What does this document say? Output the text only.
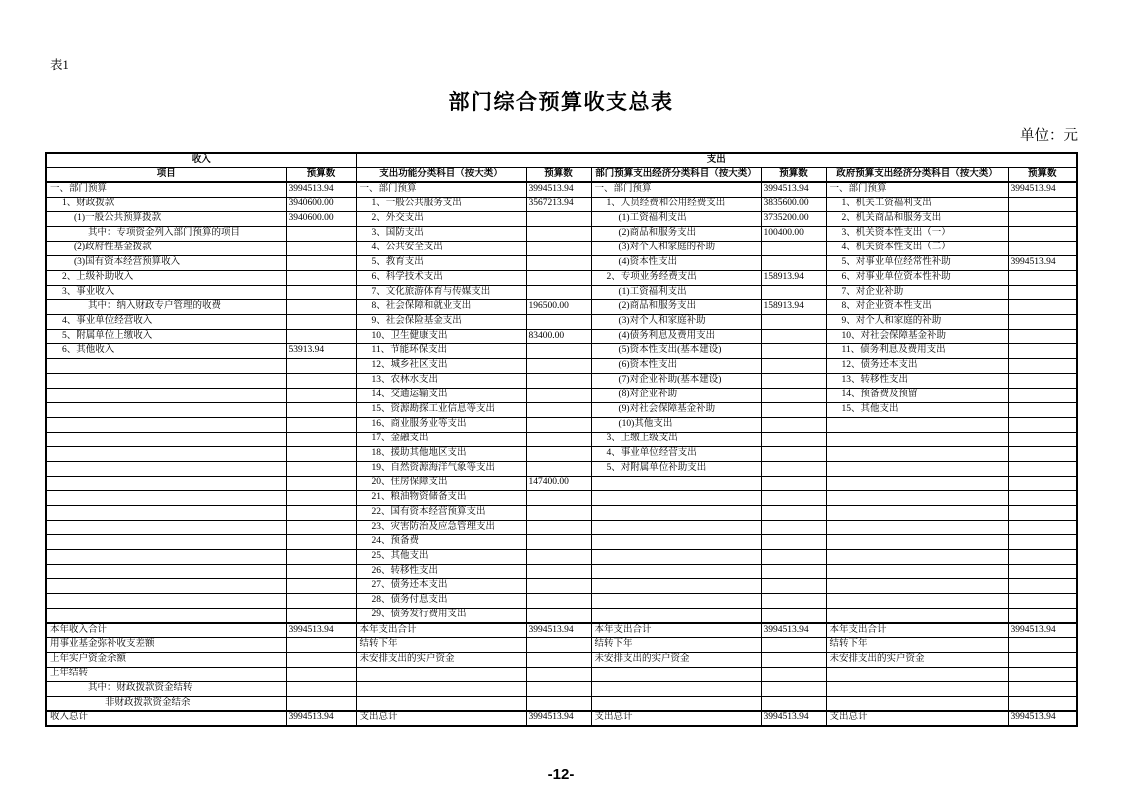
表1
部门综合预算收支总表
单位：元
收入		支出					
项目	预算数	支出功能分类科目（按大类）	预算数	部门预算支出经济分类科目（按大类）	预算数	政府预算支出经济分类科目（按大类）	预算数
一、部门预算	3994513.94	一、部门预算	3994513.94	一、部门预算	3994513.94	一、部门预算	3994513.94
1、财政拨款	3940600.00	1、一般公共服务支出	3567213.94	1、人员经费和公用经费支出	3835600.00	1、机关工资福利支出	
(1)一般公共预算拨款	3940600.00	2、外交支出		(1)工资福利支出	3735200.00	2、机关商品和服务支出	
其中：专项资金列入部门预算的项目		3、国防支出		(2)商品和服务支出	100400.00	3、机关资本性支出（一）	
(2)政府性基金拨款		4、公共安全支出		(3)对个人和家庭的补助		4、机关资本性支出（二）	
(3)国有资本经营预算收入		5、教育支出		(4)资本性支出		5、对事业单位经常性补助	3994513.94
2、上级补助收入		6、科学技术支出		2、专项业务经费支出	158913.94	6、对事业单位资本性补助	
3、事业收入		7、文化旅游体育与传媒支出		(1)工资福利支出		7、对企业补助	
其中：纳入财政专户管理的收费		8、社会保障和就业支出	196500.00	(2)商品和服务支出	158913.94	8、对企业资本性支出	
4、事业单位经营收入		9、社会保险基金支出		(3)对个人和家庭补助		9、对个人和家庭的补助	
5、附属单位上缴收入		10、卫生健康支出	83400.00	(4)债务利息及费用支出		10、对社会保障基金补助	
6、其他收入	53913.94	11、节能环保支出		(5)资本性支出(基本建设)		11、债务利息及费用支出	
		12、城乡社区支出		(6)资本性支出		12、债务还本支出	
		13、农林水支出		(7)对企业补助(基本建设)		13、转移性支出	
		14、交通运输支出		(8)对企业补助		14、预备费及预留	
		15、资源勘探工业信息等支出		(9)对社会保障基金补助		15、其他支出	
		16、商业服务业等支出		(10)其他支出			
		17、金融支出		3、上缴上级支出			
		18、援助其他地区支出		4、事业单位经营支出			
		19、自然资源海洋气象等支出		5、对附属单位补助支出			
		20、住房保障支出	147400.00				
		21、粮油物资储备支出					
		22、国有资本经营预算支出					
		23、灾害防治及应急管理支出					
		24、预备费					
		25、其他支出					
		26、转移性支出					
		27、债务还本支出					
		28、债务付息支出					
		29、债务发行费用支出					
本年收入合计	3994513.94	本年支出合计	3994513.94	本年支出合计	3994513.94	本年支出合计	3994513.94
用事业基金弥补收支差额		结转下年		结转下年		结转下年	
上年实户资金余额		未安排支出的实户资金		未安排支出的实户资金		未安排支出的实户资金	
上年结转							
其中：财政拨款资金结转							
非财政拨款资金结余							
收入总计	3994513.94	支出总计	3994513.94	支出总计	3994513.94	支出总计	3994513.94
-12-
